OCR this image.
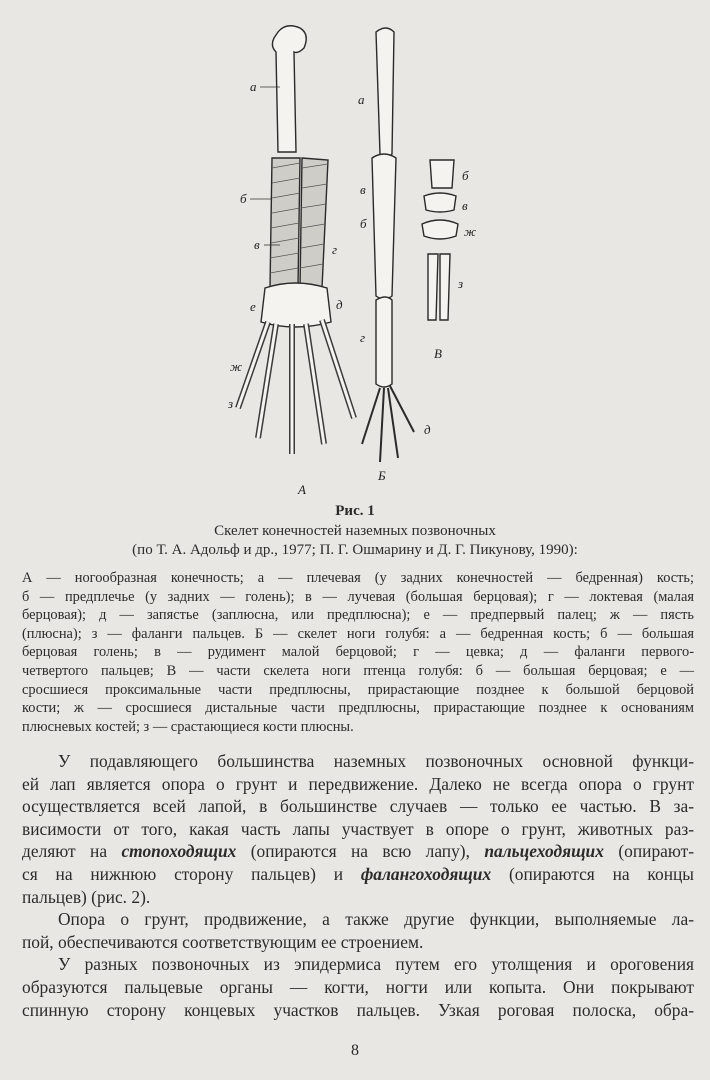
а
б
в	г
е	д
ж
з
А
а
в
б
г
д
Б
б
в
ж
з
В
Рис. 1
Скелет конечностей наземных позвоночных
(по Т. А. Адольф и др., 1977; П. Г. Ошмарину и Д. Г. Пикунову, 1990):
А — ногообразная конечность; а — плечевая (у задних конечностей — бедренная) кость;
б — предплечье (у задних — голень); в — лучевая (большая берцовая); г — локтевая (малая
берцовая); д — запястье (заплюсна, или предплюсна); е — предпервый палец; ж — пясть
(плюсна); з — фаланги пальцев. Б — скелет ноги голубя: а — бедренная кость; б — большая
берцовая голень; в — рудимент малой берцовой; г — цевка; д — фаланги первого-
четвертого пальцев; В — части скелета ноги птенца голубя: б — большая берцовая; е —
сросшиеся проксимальные части предплюсны, прирастающие позднее к большой берцовой
кости; ж — сросшиеся дистальные части предплюсны, прирастающие позднее к основаниям
плюсневых костей; з — срастающиеся кости плюсны.
У подавляющего большинства наземных позвоночных основной функци-
ей лап является опора о грунт и передвижение. Далеко не всегда опора о грунт
осуществляется всей лапой, в большинстве случаев — только ее частью. В за-
висимости от того, какая часть лапы участвует в опоре о грунт, животных раз-
деляют на стопоходящих (опираются на всю лапу), пальцеходящих (опирают-
ся на нижнюю сторону пальцев) и фалангоходящих (опираются на концы
пальцев) (рис. 2).
Опора о грунт, продвижение, а также другие функции, выполняемые ла-
пой, обеспечиваются соответствующим ее строением.
У разных позвоночных из эпидермиса путем его утолщения и ороговения
образуются пальцевые органы — когти, ногти или копыта. Они покрывают
спинную сторону концевых участков пальцев. Узкая роговая полоска, обра-
8
